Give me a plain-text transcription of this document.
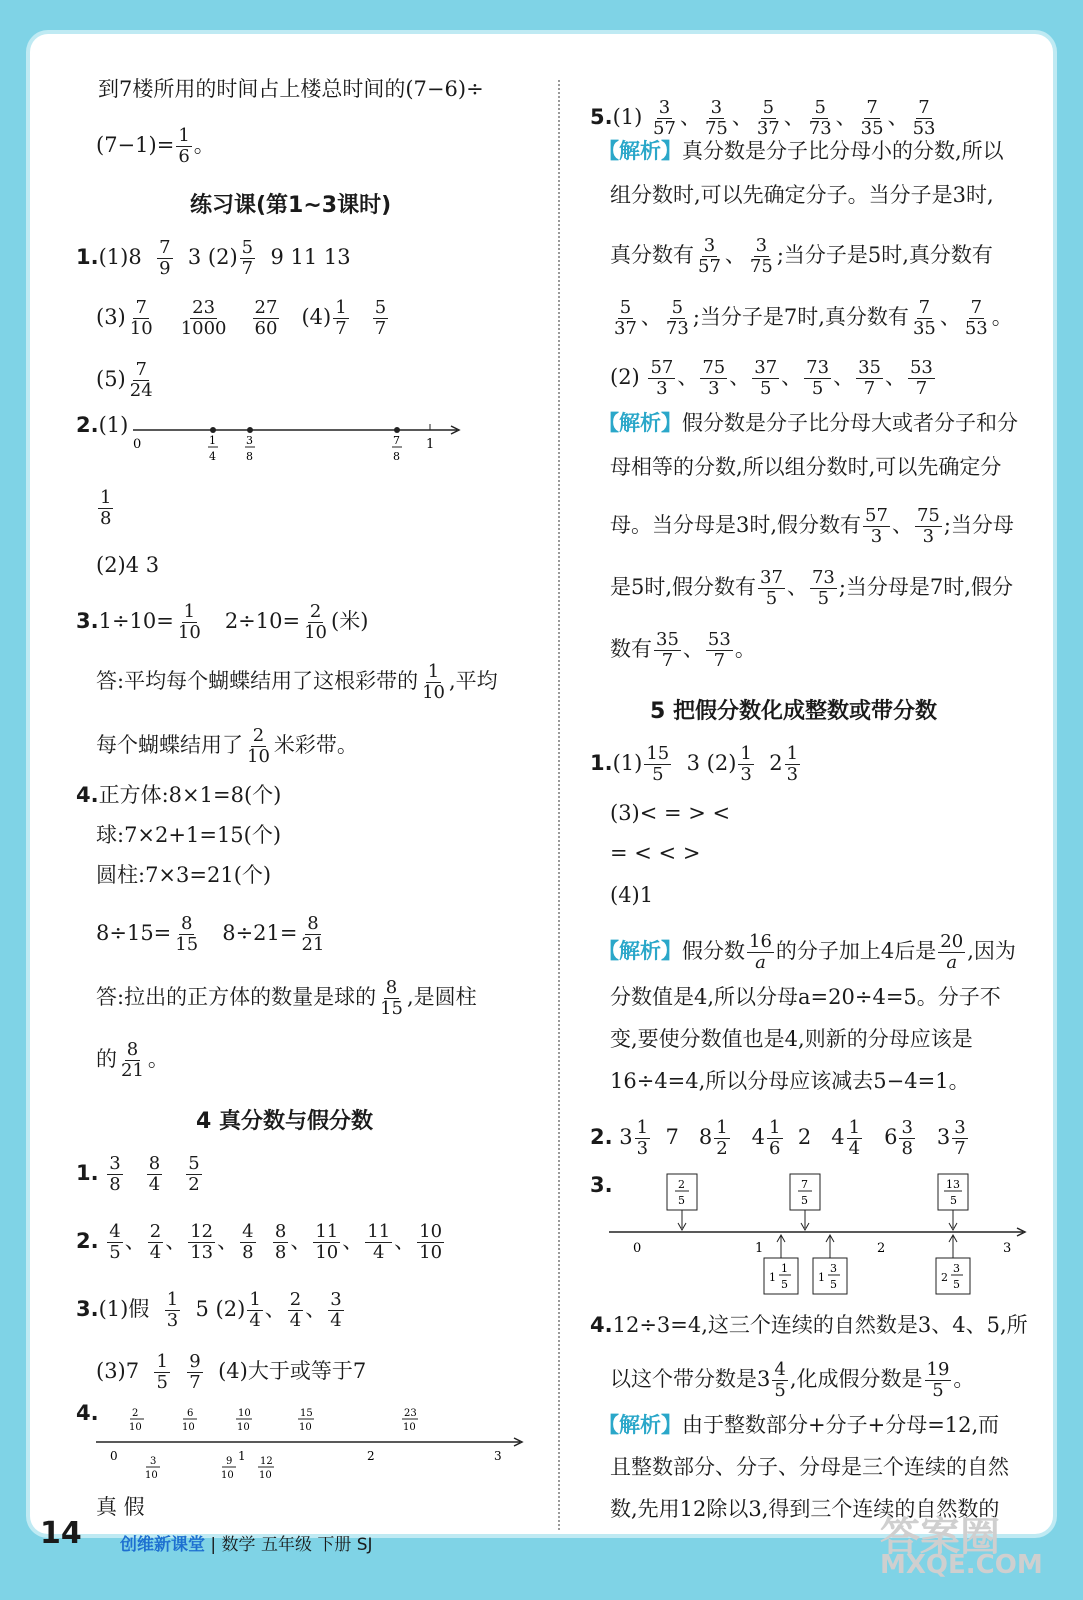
到7楼所用的时间占上楼总时间的(7−6)÷
$(7-1)= \frac{1}{6}$ 。
练习课(第1~3课时)
$1.(1)8 \frac{7}{9} 3$ $(2) \frac{5}{7} 9$ 11 13
$(3) \frac{7}{10}$
$\frac{23}{1000}$
$\frac{27}{60} (4) \frac{1}{7}$
$\frac{5}{7}$
$(5) \frac{7}{24}$
2.(1)
0	1
4
3
8
7
8
1
$\frac{1}{8}$
(2)4 3
$3.1\div 10= \frac{1}{10} 2\div 10= \frac{2}{10}$ (米)
答:平均每个蝴蝶结用了这根彩带的 $\frac{1}{10}$ ,平均
每个蝴蝶结用了 $\frac{2}{10}$ 米彩带。
4.正方体:8×1=8(个)
球:7×2+1=15(个)
圆柱:7×3=21(个)
$8\div 15= \frac{8}{15} 8\div 21= \frac{8}{21}$
答:拉出的正方体的数量是球的 $\frac{8}{15}$ ,是圆柱
的 $\frac{8}{21}$ 。
4 真分数与假分数
1. $\frac{3}{8}$
$\frac{8}{4}$
$\frac{5}{2}$
2. $\frac{4}{5}$ 、 $\frac{2}{4}$ 、 $\frac{12}{13}$ 、 $\frac{4}{8}$
$\frac{8}{8}$ 、 $\frac{11}{10}$ 、 $\frac{11}{4}$ 、 $\frac{10}{10}$
3.(1)假 $\frac{1}{3} 5$ $(2) \frac{1}{4}$ 、 $\frac{2}{4}$ 、 $\frac{3}{4}$
$(3)7 \frac{1}{5}$
$\frac{9}{7} (4)$大于或等于7
4.
0	1	2	3
2
10
6
10
10
10
15
10
23
10
3
10
9
10
12
10
真 假
$5.(1) \frac{3}{57}$ 、 $\frac{3}{75}$ 、 $\frac{5}{37}$ 、 $\frac{5}{73}$ 、 $\frac{7}{35}$ 、 $\frac{7}{53}$
【解析】真分数是分子比分母小的分数,所以
组分数时,可以先确定分子。当分子是3时,
真分数有 $\frac{3}{57}$ 、 $\frac{3}{75}$ ;当分子是5时,真分数有
$\frac{5}{37}$ 、 $\frac{5}{73}$ ;当分子是7时,真分数有 $\frac{7}{35}$ 、 $\frac{7}{53}$ 。
$(2) \frac{57}{3}$ 、 $\frac{75}{3}$ 、 $\frac{37}{5}$ 、 $\frac{73}{5}$ 、 $\frac{35}{7}$ 、 $\frac{53}{7}$
【解析】假分数是分子比分母大或者分子和分
母相等的分数,所以组分数时,可以先确定分
母。当分母是3时,假分数有 $\frac{57}{3}$ 、 $\frac{75}{3}$ ;当分母
是5时,假分数有 $\frac{37}{5}$ 、 $\frac{73}{5}$ ;当分母是7时,假分
数有 $\frac{35}{7}$ 、 $\frac{53}{7}$ 。
5 把假分数化成整数或带分数
$1.(1) \frac{15}{5} 3$ $(2) \frac{1}{3} 2 \frac{1}{3}$
(3)< = > <
= < < >
(4)1
【解析】假分数 $\frac{16}{a}$ 的分子加上4后是 $\frac{20}{a}$ ,因为
分数值是4,所以分母a=20÷4=5。分子不
变,要使分数值也是4,则新的分母应该是
16÷4=4,所以分母应该减去5−4=1。
2. $3 \frac{1}{3} 7$   $8 \frac{1}{2} 4 \frac{1}{6} 2$   $4 \frac{1}{4} 6 \frac{3}{8} 3 \frac{3}{7}$
3.
0	1	2	3
2
5
7
5
13
5
1
1
5
1
3
5
2
3
5
4.12÷3=4,这三个连续的自然数是3、4、5,所
以这个带分数是$3 \frac{4}{5}$ ,化成假分数是 $\frac{19}{5}$ 。
【解析】由于整数部分+分子+分母=12,而
且整数部分、分子、分母是三个连续的自然
数,先用12除以3,得到三个连续的自然数的
14 创维新课堂 | 数学 五年级 下册 SJ	答案圈
MXQE.COM
